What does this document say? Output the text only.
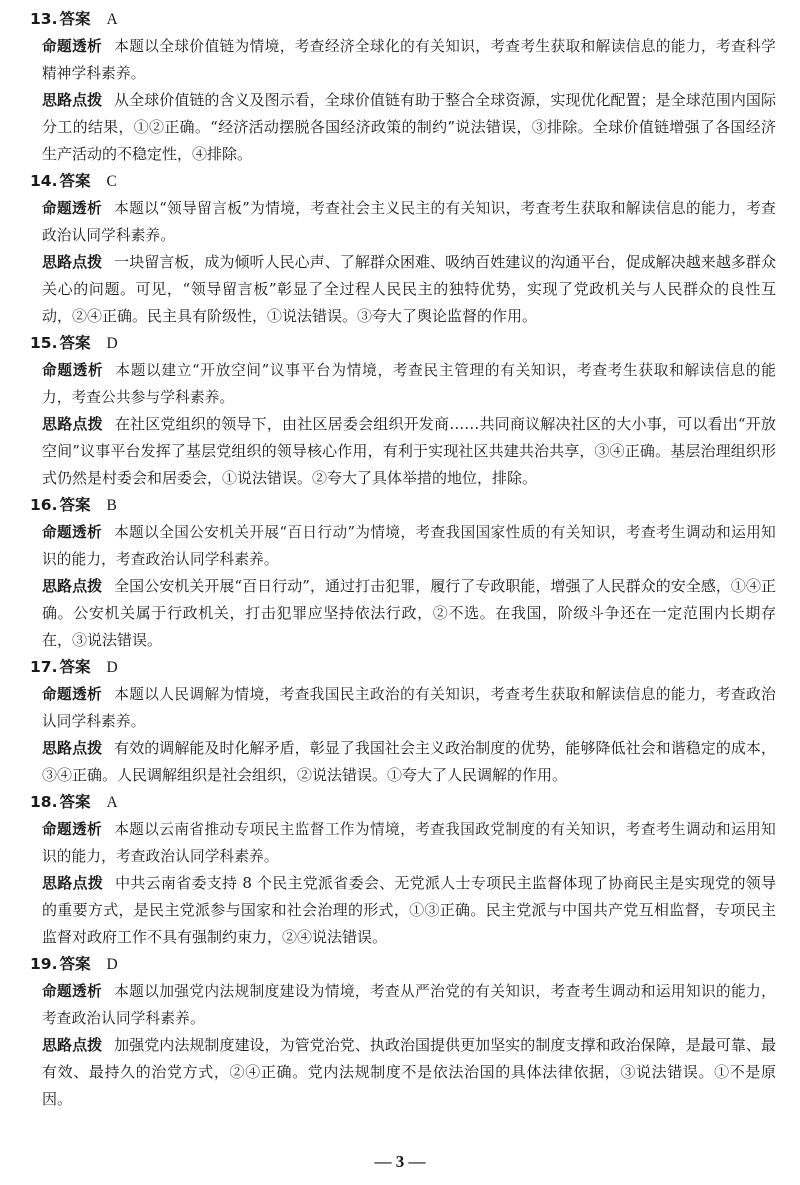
13. 答案 A

命题透析 本题以全球价值链为情境，考查经济全球化的有关知识，考查考生获取和解读信息的能力，考查科学精神学科素养。

思路点拨 从全球价值链的含义及图示看，全球价值链有助于整合全球资源，实现优化配置；是全球范围内国际分工的结果，①②正确。“经济活动摆脱各国经济政策的制约”说法错误，③排除。全球价值链增强了各国经济生产活动的不稳定性，④排除。

14. 答案 C

命题透析 本题以“领导留言板”为情境，考查社会主义民主的有关知识，考查考生获取和解读信息的能力，考查政治认同学科素养。

思路点拨 一块留言板，成为倾听人民心声、了解群众困难、吸纳百姓建议的沟通平台，促成解决越来越多群众关心的问题。可见，“领导留言板”彰显了全过程人民民主的独特优势，实现了党政机关与人民群众的良性互动，②④正确。民主具有阶级性，①说法错误。③夸大了舆论监督的作用。

15. 答案 D

命题透析 本题以建立“开放空间”议事平台为情境，考查民主管理的有关知识，考查考生获取和解读信息的能力，考查公共参与学科素养。

思路点拨 在社区党组织的领导下，由社区居委会组织开发商……共同商议解决社区的大小事，可以看出“开放空间”议事平台发挥了基层党组织的领导核心作用，有利于实现社区共建共治共享，③④正确。基层治理组织形式仍然是村委会和居委会，①说法错误。②夸大了具体举措的地位，排除。

16. 答案 B

命题透析 本题以全国公安机关开展“百日行动”为情境，考查我国国家性质的有关知识，考查考生调动和运用知识的能力，考查政治认同学科素养。

思路点拨 全国公安机关开展“百日行动”，通过打击犯罪，履行了专政职能，增强了人民群众的安全感，①④正确。公安机关属于行政机关，打击犯罪应坚持依法行政，②不选。在我国，阶级斗争还在一定范围内长期存在，③说法错误。

17. 答案 D

命题透析 本题以人民调解为情境，考查我国民主政治的有关知识，考查考生获取和解读信息的能力，考查政治认同学科素养。

思路点拨 有效的调解能及时化解矛盾，彰显了我国社会主义政治制度的优势，能够降低社会和谐稳定的成本，③④正确。人民调解组织是社会组织，②说法错误。①夸大了人民调解的作用。

18. 答案 A

命题透析 本题以云南省推动专项民主监督工作为情境，考查我国政党制度的有关知识，考查考生调动和运用知识的能力，考查政治认同学科素养。

思路点拨 中共云南省委支持 8 个民主党派省委会、无党派人士专项民主监督体现了协商民主是实现党的领导的重要方式，是民主党派参与国家和社会治理的形式，①③正确。民主党派与中国共产党互相监督，专项民主监督对政府工作不具有强制约束力，②④说法错误。

19. 答案 D

命题透析 本题以加强党内法规制度建设为情境，考查从严治党的有关知识，考查考生调动和运用知识的能力，考查政治认同学科素养。

思路点拨 加强党内法规制度建设，为管党治党、执政治国提供更加坚实的制度支撑和政治保障，是最可靠、最有效、最持久的治党方式，②④正确。党内法规制度不是依法治国的具体法律依据，③说法错误。①不是原因。

— 3 —
